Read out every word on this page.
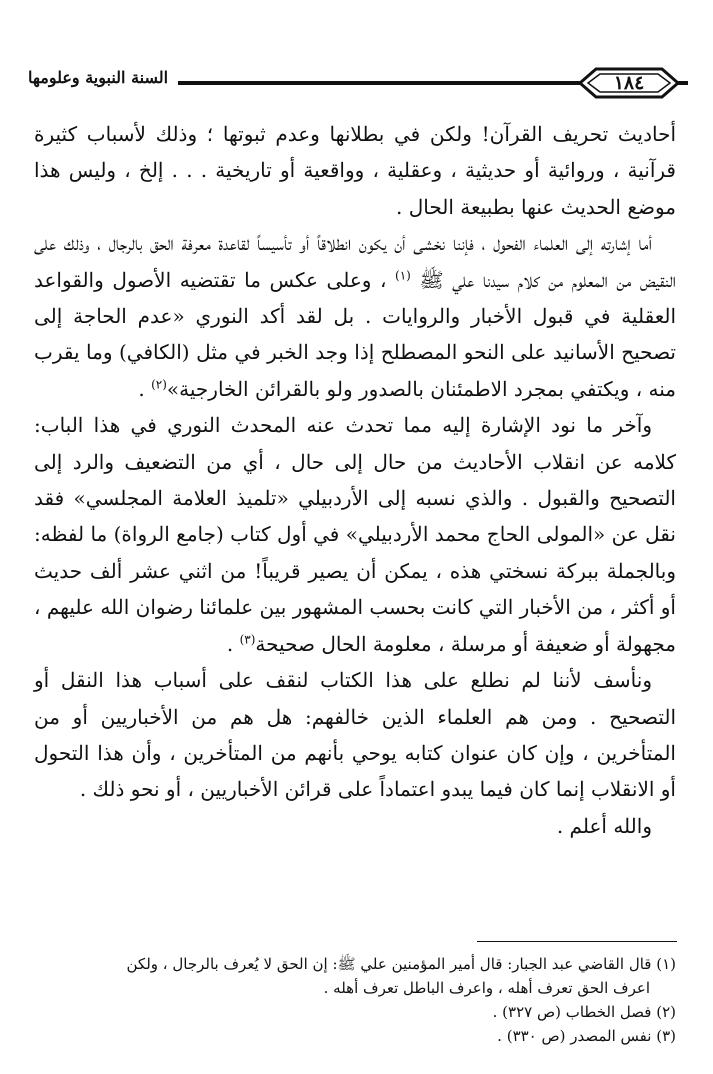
١٨٤
السنة النبوية وعلومها

أحاديث تحريف القرآن! ولكن في بطلانها وعدم ثبوتها ؛ وذلك لأسباب كثيرة قرآنية ، وروائية أو حديثية ، وعقلية ، وواقعية أو تاريخية . . . إلخ ، وليس هذا موضع الحديث عنها بطبيعة الحال .

أما إشارته إلى العلماء الفحول ، فإننا نخشى أن يكون انطلاقاً أو تأسيساً لقاعدة معرفة الحق بالرجال ، وذلك على النقيض من المعلوم من كلام سيدنا علي ﷺ $^{(١)}$ ، وعلى عكس ما تقتضيه الأصول والقواعد العقلية في قبول الأخبار والروايات . بل لقد أكد النوري «عدم الحاجة إلى تصحيح الأسانيد على النحو المصطلح إذا وجد الخبر في مثل (الكافي) وما يقرب منه ، ويكتفي بمجرد الاطمئنان بالصدور ولو بالقرائن الخارجية»$^{(٢)}$ .

وآخر ما نود الإشارة إليه مما تحدث عنه المحدث النوري في هذا الباب: كلامه عن انقلاب الأحاديث من حال إلى حال ، أي من التضعيف والرد إلى التصحيح والقبول . والذي نسبه إلى الأردبيلي «تلميذ العلامة المجلسي» فقد نقل عن «المولى الحاج محمد الأردبيلي» في أول كتاب (جامع الرواة) ما لفظه: وبالجملة ببركة نسختي هذه ، يمكن أن يصير قريباً! من اثني عشر ألف حديث أو أكثر ، من الأخبار التي كانت بحسب المشهور بين علمائنا رضوان الله عليهم ، مجهولة أو ضعيفة أو مرسلة ، معلومة الحال صحيحة$^{(٣)}$ .

ونأسف لأننا لم نطلع على هذا الكتاب لنقف على أسباب هذا النقل أو التصحيح . ومن هم العلماء الذين خالفهم: هل هم من الأخباريين أو من المتأخرين ، وإن كان عنوان كتابه يوحي بأنهم من المتأخرين ، وأن هذا التحول أو الانقلاب إنما كان فيما يبدو اعتماداً على قرائن الأخباريين ، أو نحو ذلك .

والله أعلم .

(١) قال القاضي عبد الجبار: قال أمير المؤمنين علي ﷺ: إن الحق لا يُعرف بالرجال ، ولكن

اعرف الحق تعرف أهله ، واعرف الباطل تعرف أهله .

(٢) فصل الخطاب (ص ٣٢٧) .

(٣) نفس المصدر (ص ٣٣٠) .
